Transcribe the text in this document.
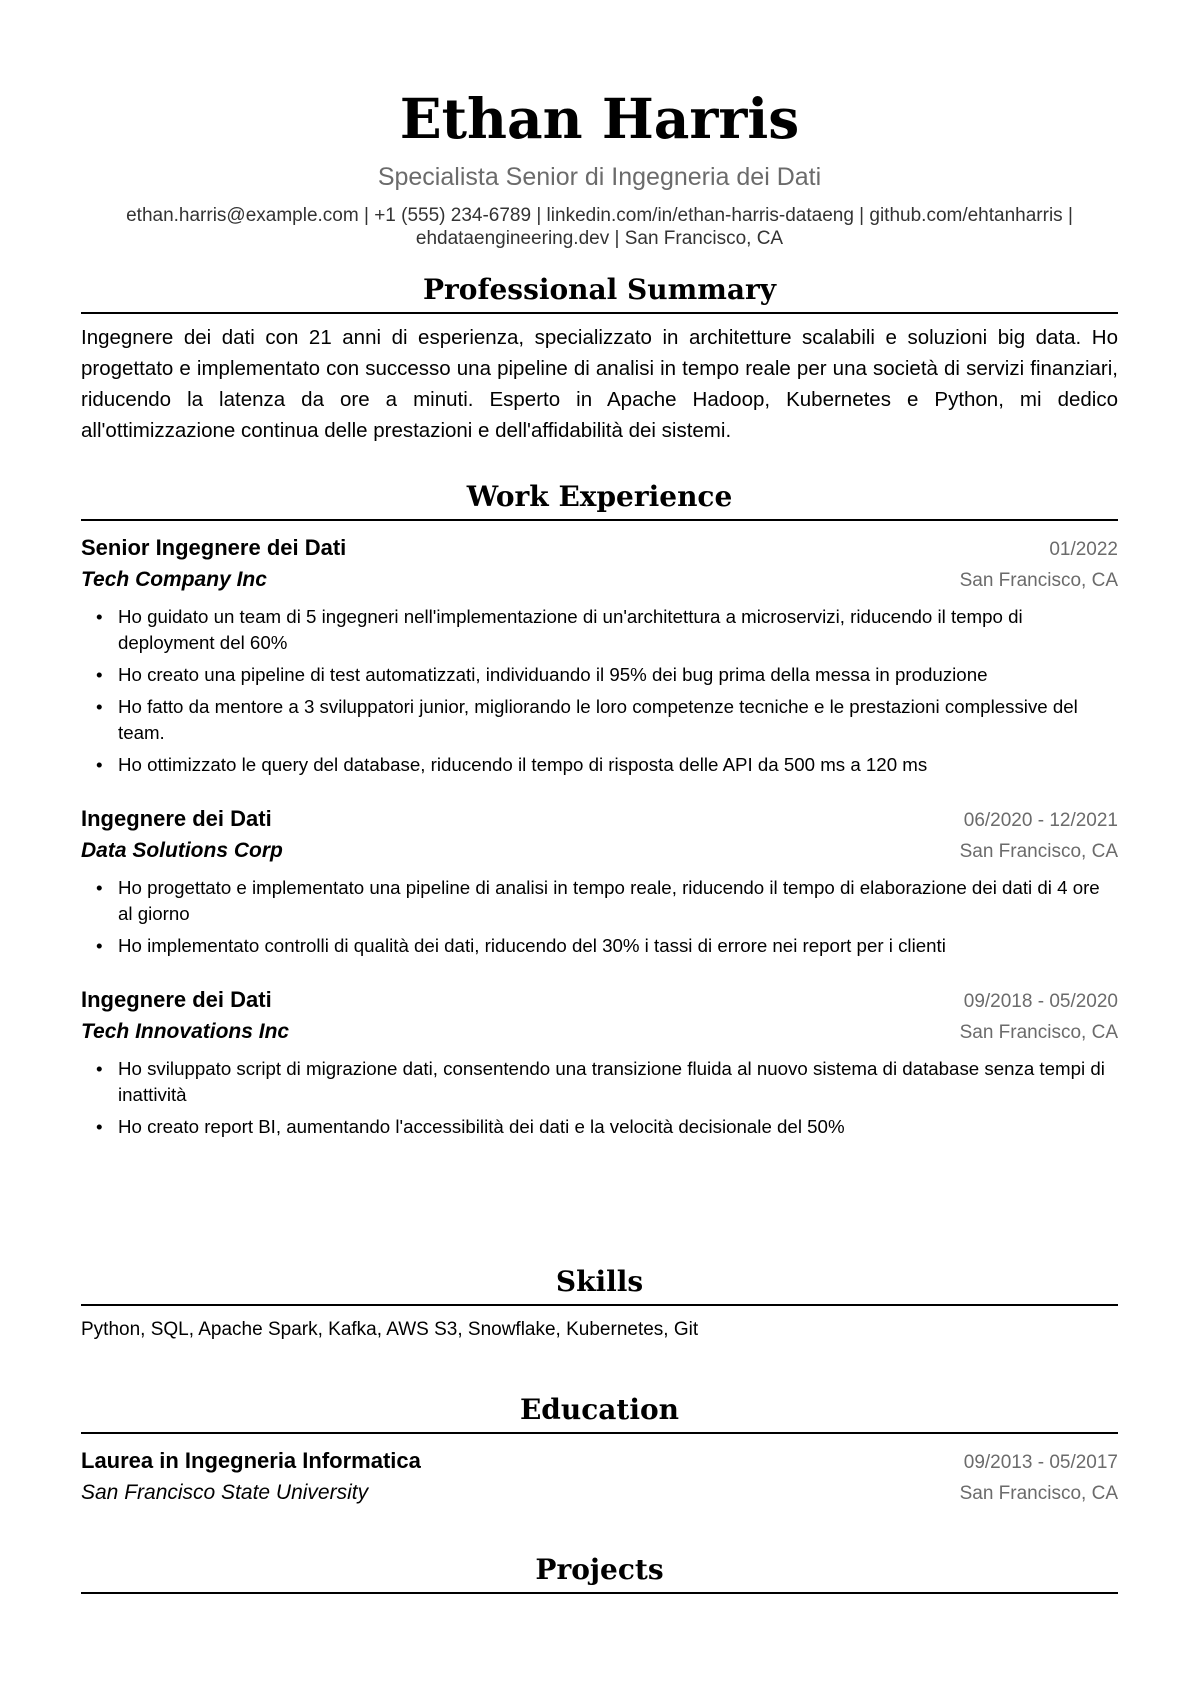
Ethan Harris
Specialista Senior di Ingegneria dei Dati
ethan.harris@example.com | +1 (555) 234-6789 | linkedin.com/in/ethan-harris-dataeng | github.com/ehtanharris |
ehdataengineering.dev | San Francisco, CA
Professional Summary
Ingegnere dei dati con 21 anni di esperienza, specializzato in architetture scalabili e soluzioni big data. Ho progettato e implementato con successo una pipeline di analisi in tempo reale per una società di servizi finanziari, riducendo la latenza da ore a minuti. Esperto in Apache Hadoop, Kubernetes e Python, mi dedico all'ottimizzazione continua delle prestazioni e dell'affidabilità dei sistemi.
Work Experience
Senior Ingegnere dei Dati	01/2022
Tech Company Inc	San Francisco, CA
• Ho guidato un team di 5 ingegneri nell'implementazione di un'architettura a microservizi, riducendo il tempo di deployment del 60%
• Ho creato una pipeline di test automatizzati, individuando il 95% dei bug prima della messa in produzione
• Ho fatto da mentore a 3 sviluppatori junior, migliorando le loro competenze tecniche e le prestazioni complessive del team.
• Ho ottimizzato le query del database, riducendo il tempo di risposta delle API da 500 ms a 120 ms
Ingegnere dei Dati	06/2020 - 12/2021
Data Solutions Corp	San Francisco, CA
• Ho progettato e implementato una pipeline di analisi in tempo reale, riducendo il tempo di elaborazione dei dati di 4 ore al giorno
• Ho implementato controlli di qualità dei dati, riducendo del 30% i tassi di errore nei report per i clienti
Ingegnere dei Dati	09/2018 - 05/2020
Tech Innovations Inc	San Francisco, CA
• Ho sviluppato script di migrazione dati, consentendo una transizione fluida al nuovo sistema di database senza tempi di inattività
• Ho creato report BI, aumentando l'accessibilità dei dati e la velocità decisionale del 50%
Skills
Python, SQL, Apache Spark, Kafka, AWS S3, Snowflake, Kubernetes, Git
Education
Laurea in Ingegneria Informatica	09/2013 - 05/2017
San Francisco State University	San Francisco, CA
Projects
